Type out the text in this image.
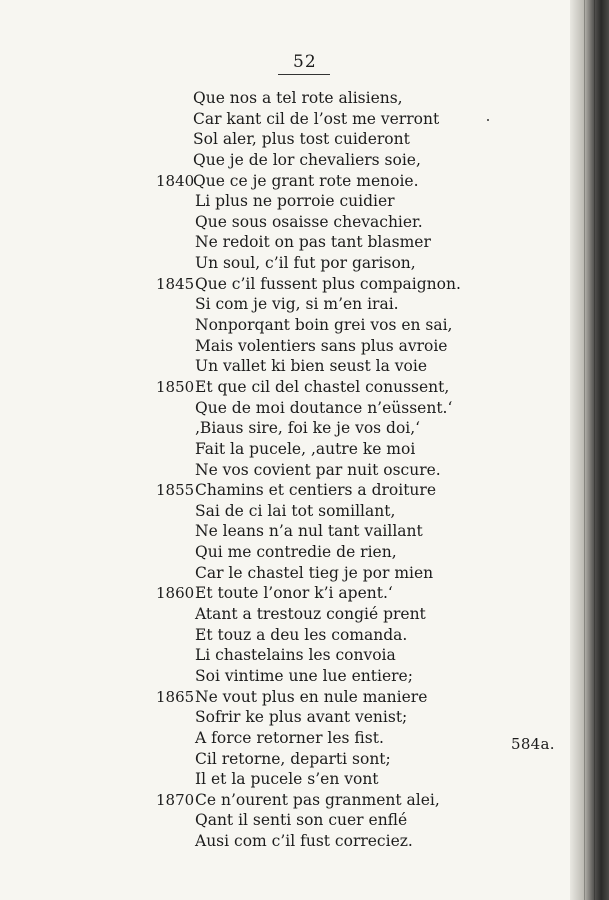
52
Que nos a tel rote alisiens,
Car kant cil de l’ost me verront
Sol aler, plus tost cuideront
Que je de lor chevaliers soie,
1840
Que ce je grant rote menoie.
Li plus ne porroie cuidier
Que sous osaisse chevachier.
Ne redoit on pas tant blasmer
Un soul, c’il fut por garison,
1845 Que c’il fussent plus compaignon.
Si com je vig, si m’en irai.
Nonporqant boin grei vos en sai,
Mais volentiers sans plus avroie
Un vallet ki bien seust la voie
1850 Et que cil del chastel conussent,
Que de moi doutance n’eüssent.‘
‚Biaus sire, foi ke je vos doi,‘
Fait la pucele, ‚autre ke moi
Ne vos covient par nuit oscure.
1855 Chamins et centiers a droiture
Sai de ci lai tot somillant,
Ne leans n’a nul tant vaillant
Qui me contredie de rien,
Car le chastel tieg je por mien
1860 Et toute l’onor k’i apent.‘
Atant a trestouz congié prent
Et touz a deu les comanda.
Li chastelains les convoia
Soi vintime une lue entiere;
1865 Ne vout plus en nule maniere
Sofrir ke plus avant venist;
A force retorner les fist.
Cil retorne, departi sont;
Il et la pucele s’en vont
1870 Ce n’ourent pas granment alei,
Qant il senti son cuer enflé
Ausi com c’il fust correciez.
584a.
